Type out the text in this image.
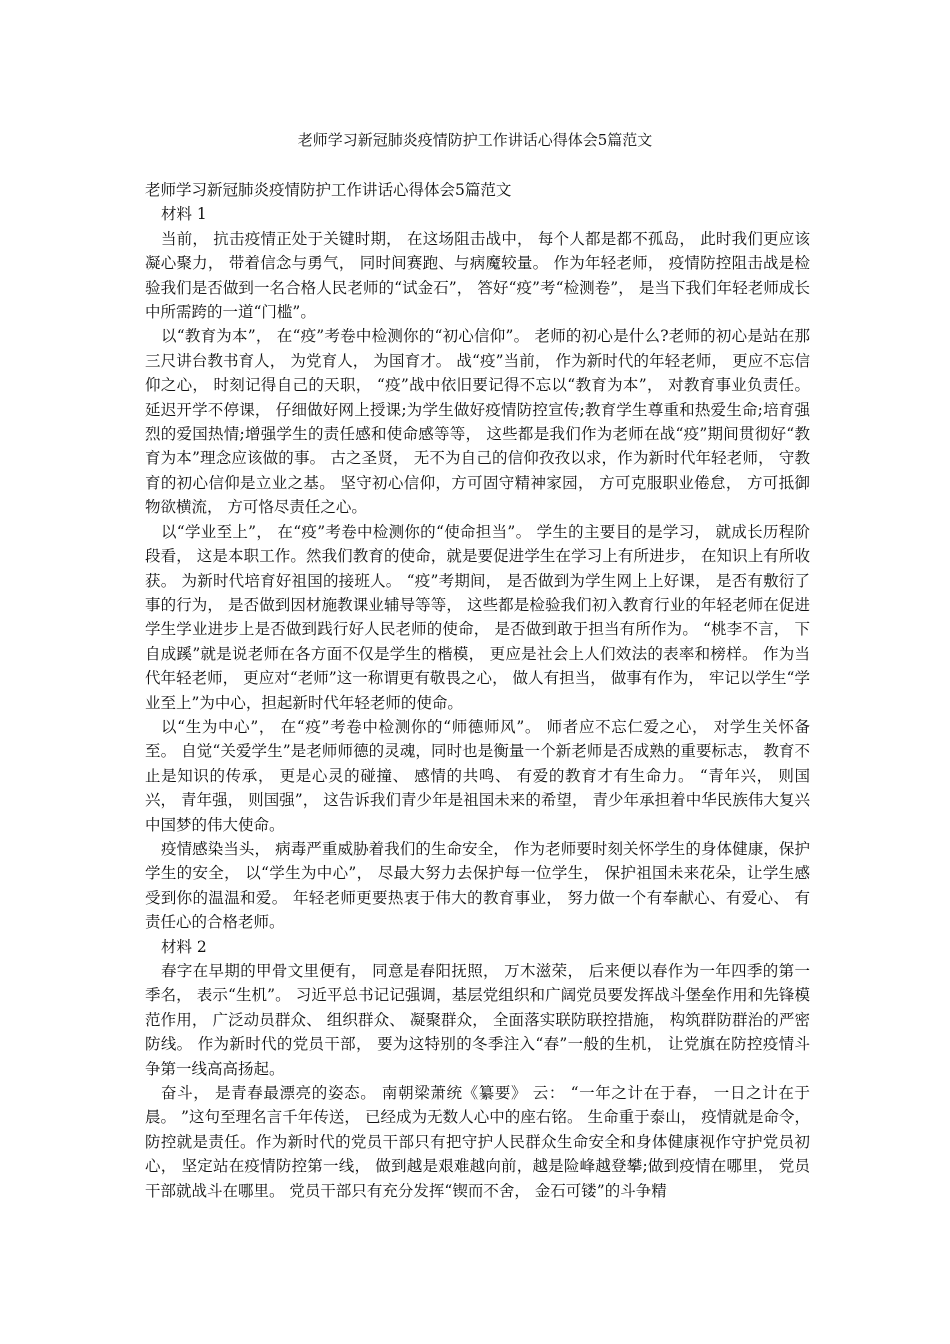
老师学习新冠肺炎疫情防护工作讲话心得体会5篇范文

老师学习新冠肺炎疫情防护工作讲话心得体会5篇范文

材料 1

当前， 抗击疫情正处于关键时期， 在这场阻击战中， 每个人都是都不孤岛， 此时我们更应该凝心聚力， 带着信念与勇气， 同时间赛跑、与病魔较量。 作为年轻老师， 疫情防控阻击战是检验我们是否做到一名合格人民老师的“试金石”， 答好“疫”考“检测卷”， 是当下我们年轻老师成长中所需跨的一道“门槛”。

以“教育为本”， 在“疫”考卷中检测你的“初心信仰”。 老师的初心是什么?老师的初心是站在那三尺讲台教书育人， 为党育人， 为国育才。 战“疫”当前， 作为新时代的年轻老师， 更应不忘信仰之心， 时刻记得自己的天职， “疫”战中依旧要记得不忘以“教育为本”， 对教育事业负责任。 延迟开学不停课， 仔细做好网上授课;为学生做好疫情防控宣传;教育学生尊重和热爱生命;培育强烈的爱国热情;增强学生的责任感和使命感等等， 这些都是我们作为老师在战“疫”期间贯彻好“教育为本”理念应该做的事。 古之圣贤， 无不为自己的信仰孜孜以求，作为新时代年轻老师， 守教育的初心信仰是立业之基。 坚守初心信仰，方可固守精神家园， 方可克服职业倦怠， 方可抵御物欲横流， 方可恪尽责任之心。

以“学业至上”， 在“疫”考卷中检测你的“使命担当”。 学生的主要目的是学习， 就成长历程阶段看， 这是本职工作。然我们教育的使命，就是要促进学生在学习上有所进步， 在知识上有所收获。 为新时代培育好祖国的接班人。 “疫”考期间， 是否做到为学生网上上好课， 是否有敷衍了事的行为， 是否做到因材施教课业辅导等等， 这些都是检验我们初入教育行业的年轻老师在促进学生学业进步上是否做到践行好人民老师的使命， 是否做到敢于担当有所作为。 “桃李不言， 下自成蹊”就是说老师在各方面不仅是学生的楷模， 更应是社会上人们效法的表率和榜样。 作为当代年轻老师， 更应对“老师”这一称谓更有敬畏之心， 做人有担当， 做事有作为， 牢记以学生“学业至上”为中心，担起新时代年轻老师的使命。

以“生为中心”， 在“疫”考卷中检测你的“师德师风”。 师者应不忘仁爱之心， 对学生关怀备至。 自觉“关爱学生”是老师师德的灵魂，同时也是衡量一个新老师是否成熟的重要标志， 教育不止是知识的传承， 更是心灵的碰撞、 感情的共鸣、 有爱的教育才有生命力。 “青年兴， 则国兴， 青年强， 则国强”， 这告诉我们青少年是祖国未来的希望， 青少年承担着中华民族伟大复兴中国梦的伟大使命。

疫情感染当头， 病毒严重威胁着我们的生命安全， 作为老师要时刻关怀学生的身体健康，保护学生的安全， 以“学生为中心”， 尽最大努力去保护每一位学生， 保护祖国未来花朵，让学生感受到你的温温和爱。 年轻老师更要热衷于伟大的教育事业， 努力做一个有奉献心、有爱心、 有责任心的合格老师。

材料 2

春字在早期的甲骨文里便有， 同意是春阳抚照， 万木滋荣， 后来便以春作为一年四季的第一季名， 表示“生机”。 习近平总书记记强调，基层党组织和广阔党员要发挥战斗堡垒作用和先锋模范作用， 广泛动员群众、 组织群众、 凝聚群众， 全面落实联防联控措施， 构筑群防群治的严密防线。 作为新时代的党员干部， 要为这特别的冬季注入“春”一般的生机， 让党旗在防控疫情斗争第一线高高扬起。

奋斗， 是青春最漂亮的姿态。 南朝梁萧统《纂要》 云： “一年之计在于春， 一日之计在于晨。 ”这句至理名言千年传送， 已经成为无数人心中的座右铭。 生命重于泰山， 疫情就是命令， 防控就是责任。作为新时代的党员干部只有把守护人民群众生命安全和身体健康视作守护党员初心， 坚定站在疫情防控第一线， 做到越是艰难越向前，越是险峰越登攀;做到疫情在哪里， 党员干部就战斗在哪里。 党员干部只有充分发挥“锲而不舍， 金石可镂”的斗争精
